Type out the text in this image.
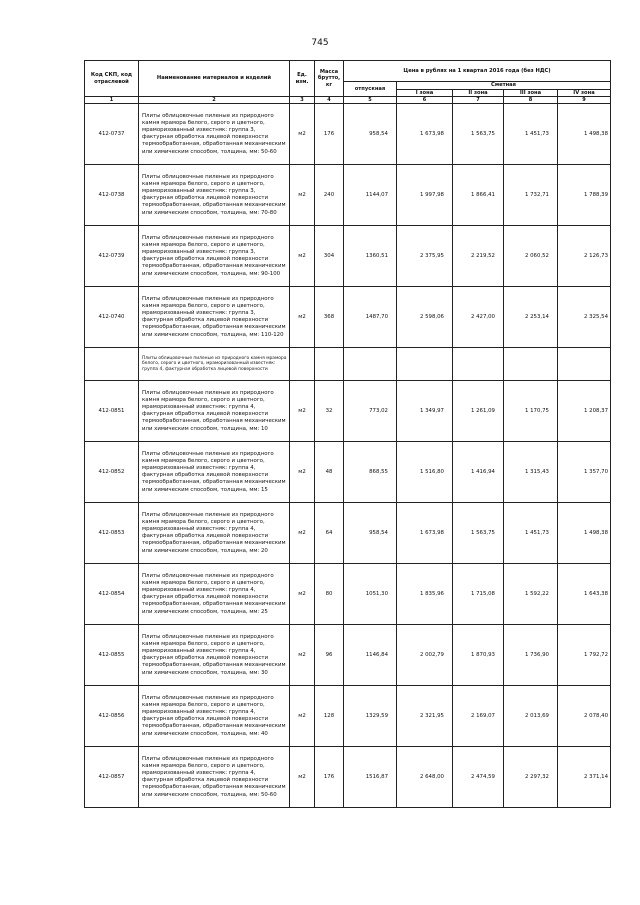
745
Код СКП, код отраслевой	Наименование материалов и изделий	Ед. изм.	Масса брутто, кг	Цена в рублях на 1 квартал 2016 года (без НДС)				
				отпускная	Сметная			
					I зона	II зона	III зона	IV зона
1	2	3	4	5	6	7	8	9
412-0737	Плиты облицовочные пиленые из природного камня мрамора белого, серого и цветного, мраморизованный известняк: группа 3, фактурная обработка лицевой поверхности термообработанная, обработанная механическим или химическим способом, толщина, мм: 50-60	м2	176	958,54	1 673,98	1 563,75	1 451,73	1 498,38
412-0738	Плиты облицовочные пиленые из природного камня мрамора белого, серого и цветного, мраморизованный известняк: группа 3, фактурная обработка лицевой поверхности термообработанная, обработанная механическим или химическим способом, толщина, мм: 70-80	м2	240	1144,07	1 997,98	1 866,41	1 732,71	1 788,39
412-0739	Плиты облицовочные пиленые из природного камня мрамора белого, серого и цветного, мраморизованный известняк: группа 3, фактурная обработка лицевой поверхности термообработанная, обработанная механическим или химическим способом, толщина, мм: 90-100	м2	304	1360,51	2 375,95	2 219,52	2 060,52	2 126,73
412-0740	Плиты облицовочные пиленые из природного камня мрамора белого, серого и цветного, мраморизованный известняк: группа 3, фактурная обработка лицевой поверхности термообработанная, обработанная механическим или химическим способом, толщина, мм: 110-120	м2	368	1487,70	2 598,06	2 427,00	2 253,14	2 325,54
	Плиты облицовочные пиленые из природного камня мрамора белого, серого и цветного, мраморизованный известняк: группа 4, фактурная обработка лицевой поверхности							
412-0851	Плиты облицовочные пиленые из природного камня мрамора белого, серого и цветного, мраморизованный известняк: группа 4, фактурная обработка лицевой поверхности термообработанная, обработанная механическим или химическим способом, толщина, мм: 10	м2	32	773,02	1 349,97	1 261,09	1 170,75	1 208,37
412-0852	Плиты облицовочные пиленые из природного камня мрамора белого, серого и цветного, мраморизованный известняк: группа 4, фактурная обработка лицевой поверхности термообработанная, обработанная механическим или химическим способом, толщина, мм: 15	м2	48	868,55	1 516,80	1 416,94	1 315,43	1 357,70
412-0853	Плиты облицовочные пиленые из природного камня мрамора белого, серого и цветного, мраморизованный известняк: группа 4, фактурная обработка лицевой поверхности термообработанная, обработанная механическим или химическим способом, толщина, мм: 20	м2	64	958,54	1 673,98	1 563,75	1 451,73	1 498,38
412-0854	Плиты облицовочные пиленые из природного камня мрамора белого, серого и цветного, мраморизованный известняк: группа 4, фактурная обработка лицевой поверхности термообработанная, обработанная механическим или химическим способом, толщина, мм: 25	м2	80	1051,30	1 835,96	1 715,08	1 592,22	1 643,38
412-0855	Плиты облицовочные пиленые из природного камня мрамора белого, серого и цветного, мраморизованный известняк: группа 4, фактурная обработка лицевой поверхности термообработанная, обработанная механическим или химическим способом, толщина, мм: 30	м2	96	1146,84	2 002,79	1 870,93	1 736,90	1 792,72
412-0856	Плиты облицовочные пиленые из природного камня мрамора белого, серого и цветного, мраморизованный известняк: группа 4, фактурная обработка лицевой поверхности термообработанная, обработанная механическим или химическим способом, толщина, мм: 40	м2	128	1329,59	2 321,95	2 169,07	2 013,69	2 078,40
412-0857	Плиты облицовочные пиленые из природного камня мрамора белого, серого и цветного, мраморизованный известняк: группа 4, фактурная обработка лицевой поверхности термообработанная, обработанная механическим или химическим способом, толщина, мм: 50-60	м2	176	1516,87	2 648,00	2 474,59	2 297,32	2 371,14
